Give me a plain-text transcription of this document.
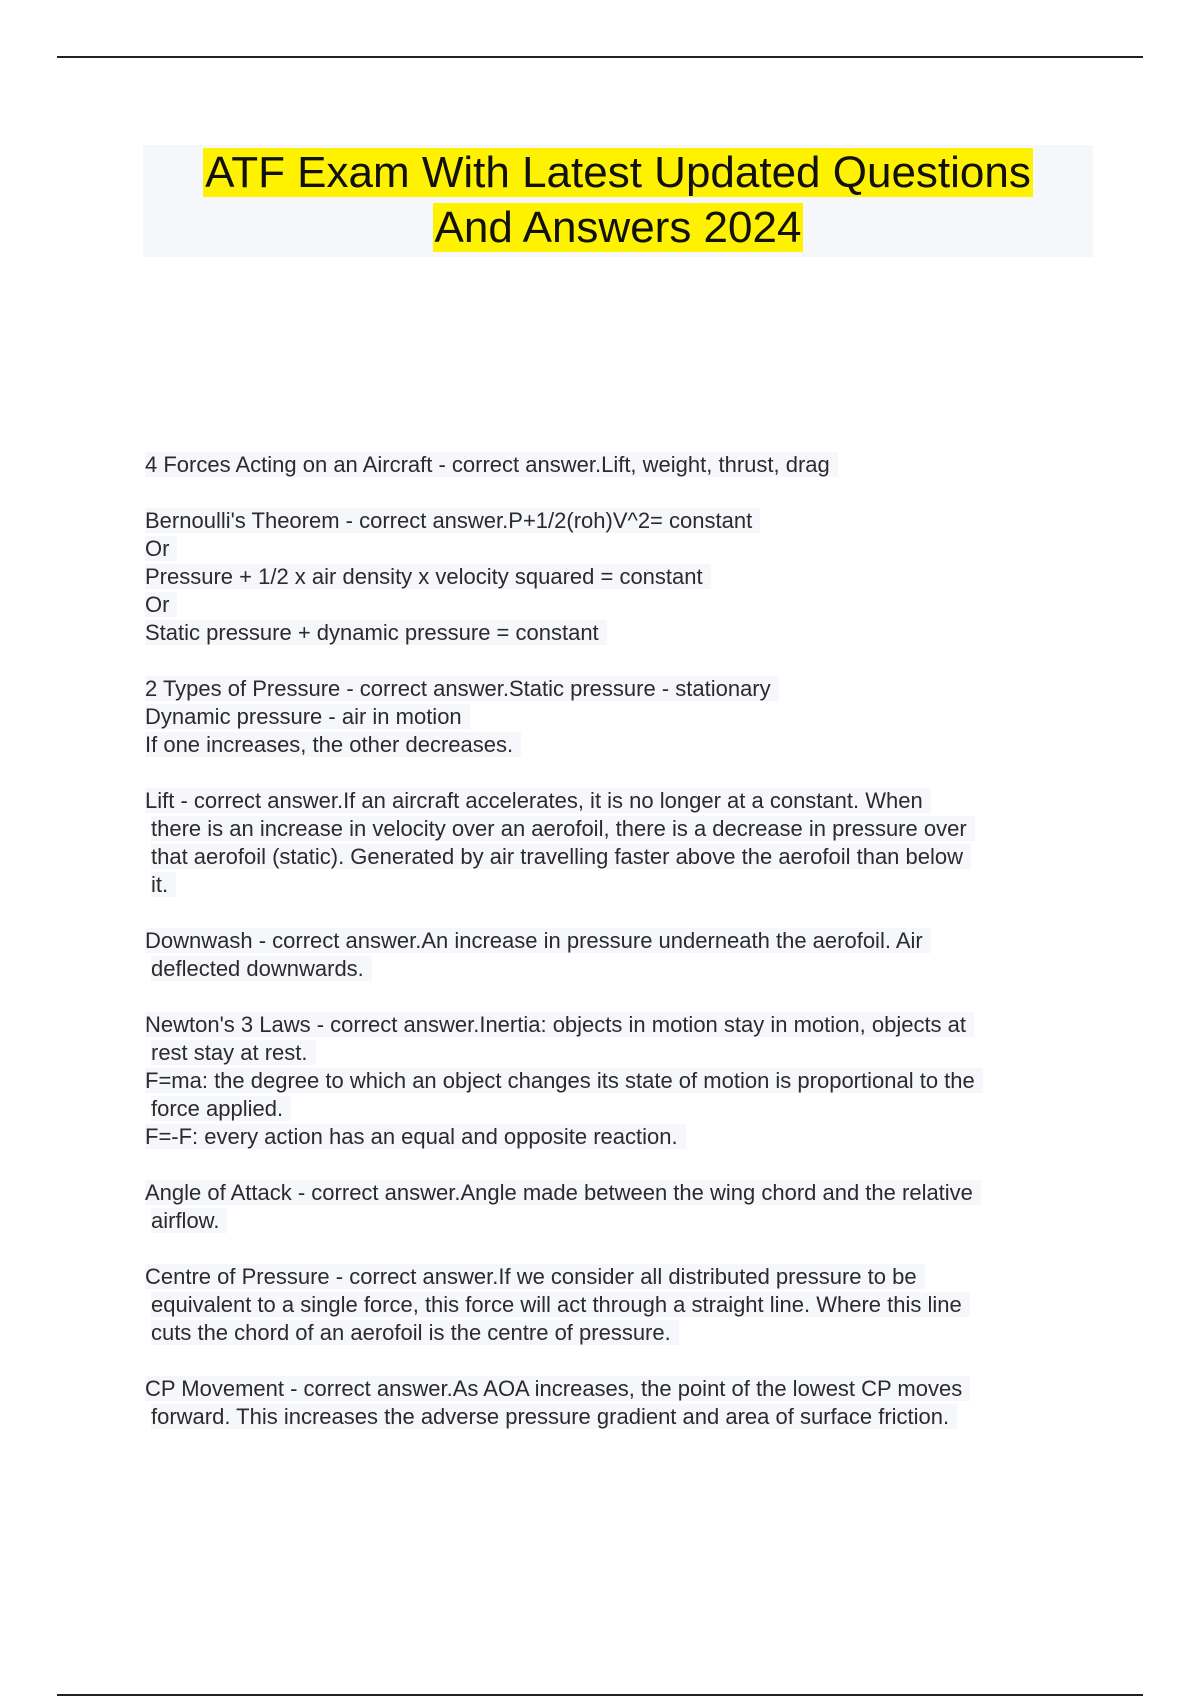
ATF Exam With Latest Updated Questions
And Answers 2024
4 Forces Acting on an Aircraft - correct answer.Lift, weight, thrust, drag
Bernoulli's Theorem - correct answer.P+1/2(roh)V^2= constant
Or
Pressure + 1/2 x air density x velocity squared = constant
Or
Static pressure + dynamic pressure = constant
2 Types of Pressure - correct answer.Static pressure - stationary
Dynamic pressure - air in motion
If one increases, the other decreases.
Lift - correct answer.If an aircraft accelerates, it is no longer at a constant. When
there is an increase in velocity over an aerofoil, there is a decrease in pressure over
that aerofoil (static). Generated by air travelling faster above the aerofoil than below
it.
Downwash - correct answer.An increase in pressure underneath the aerofoil. Air
deflected downwards.
Newton's 3 Laws - correct answer.Inertia: objects in motion stay in motion, objects at
rest stay at rest.
F=ma: the degree to which an object changes its state of motion is proportional to the
force applied.
F=-F: every action has an equal and opposite reaction.
Angle of Attack - correct answer.Angle made between the wing chord and the relative
airflow.
Centre of Pressure - correct answer.If we consider all distributed pressure to be
equivalent to a single force, this force will act through a straight line. Where this line
cuts the chord of an aerofoil is the centre of pressure.
CP Movement - correct answer.As AOA increases, the point of the lowest CP moves
forward. This increases the adverse pressure gradient and area of surface friction.
